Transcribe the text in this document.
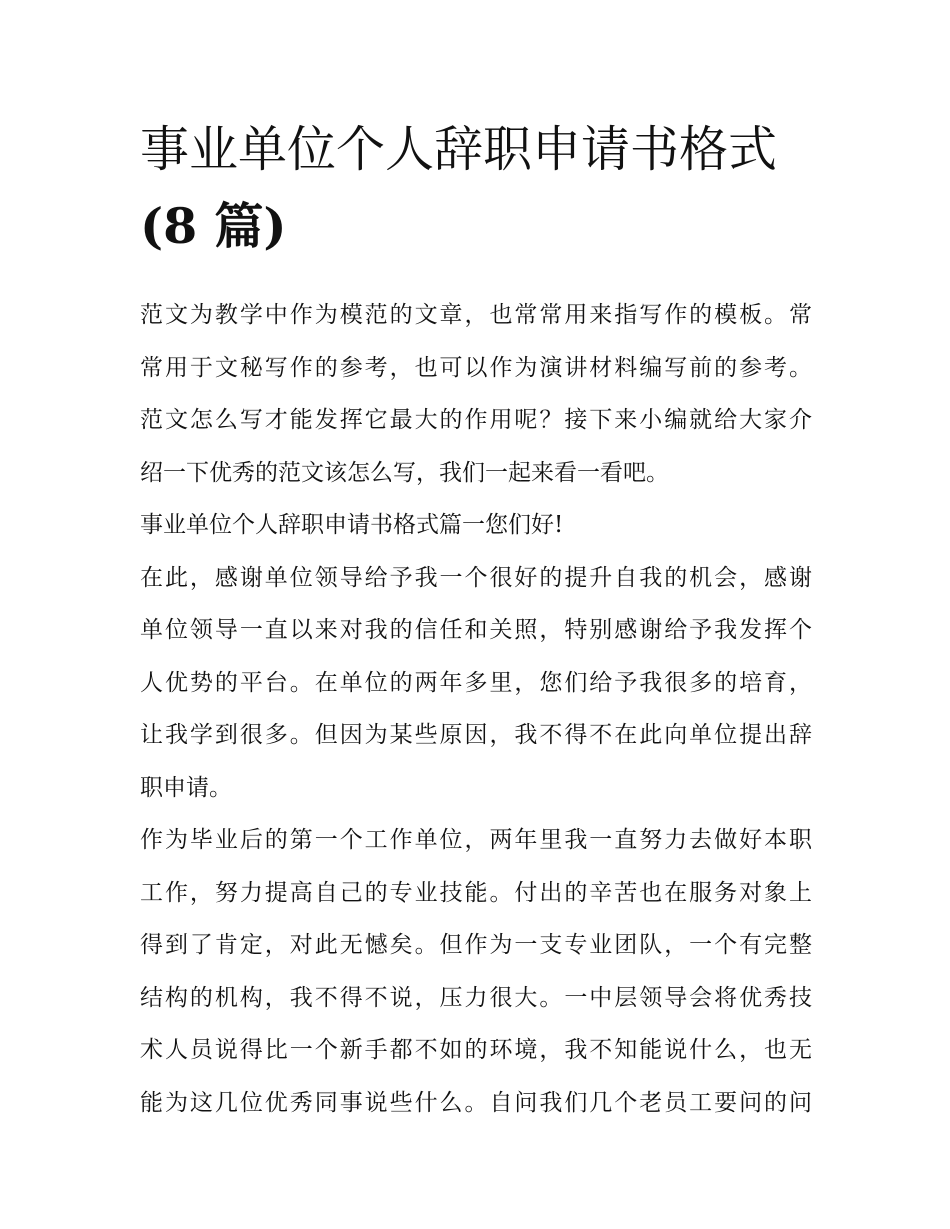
事业单位个人辞职申请书格式
(8 篇)

范文为教学中作为模范的文章，也常常用来指写作的模板。常
常用于文秘写作的参考，也可以作为演讲材料编写前的参考。
范文怎么写才能发挥它最大的作用呢？接下来小编就给大家介
绍一下优秀的范文该怎么写，我们一起来看一看吧。

事业单位个人辞职申请书格式篇一您们好!

在此，感谢单位领导给予我一个很好的提升自我的机会，感谢
单位领导一直以来对我的信任和关照，特别感谢给予我发挥个
人优势的平台。在单位的两年多里，您们给予我很多的培育，
让我学到很多。但因为某些原因，我不得不在此向单位提出辞
职申请。

作为毕业后的第一个工作单位，两年里我一直努力去做好本职
工作，努力提高自己的专业技能。付出的辛苦也在服务对象上
得到了肯定，对此无憾矣。但作为一支专业团队，一个有完整
结构的机构，我不得不说，压力很大。一中层领导会将优秀技
术人员说得比一个新手都不如的环境，我不知能说什么，也无
能为这几位优秀同事说些什么。自问我们几个老员工要问的问
